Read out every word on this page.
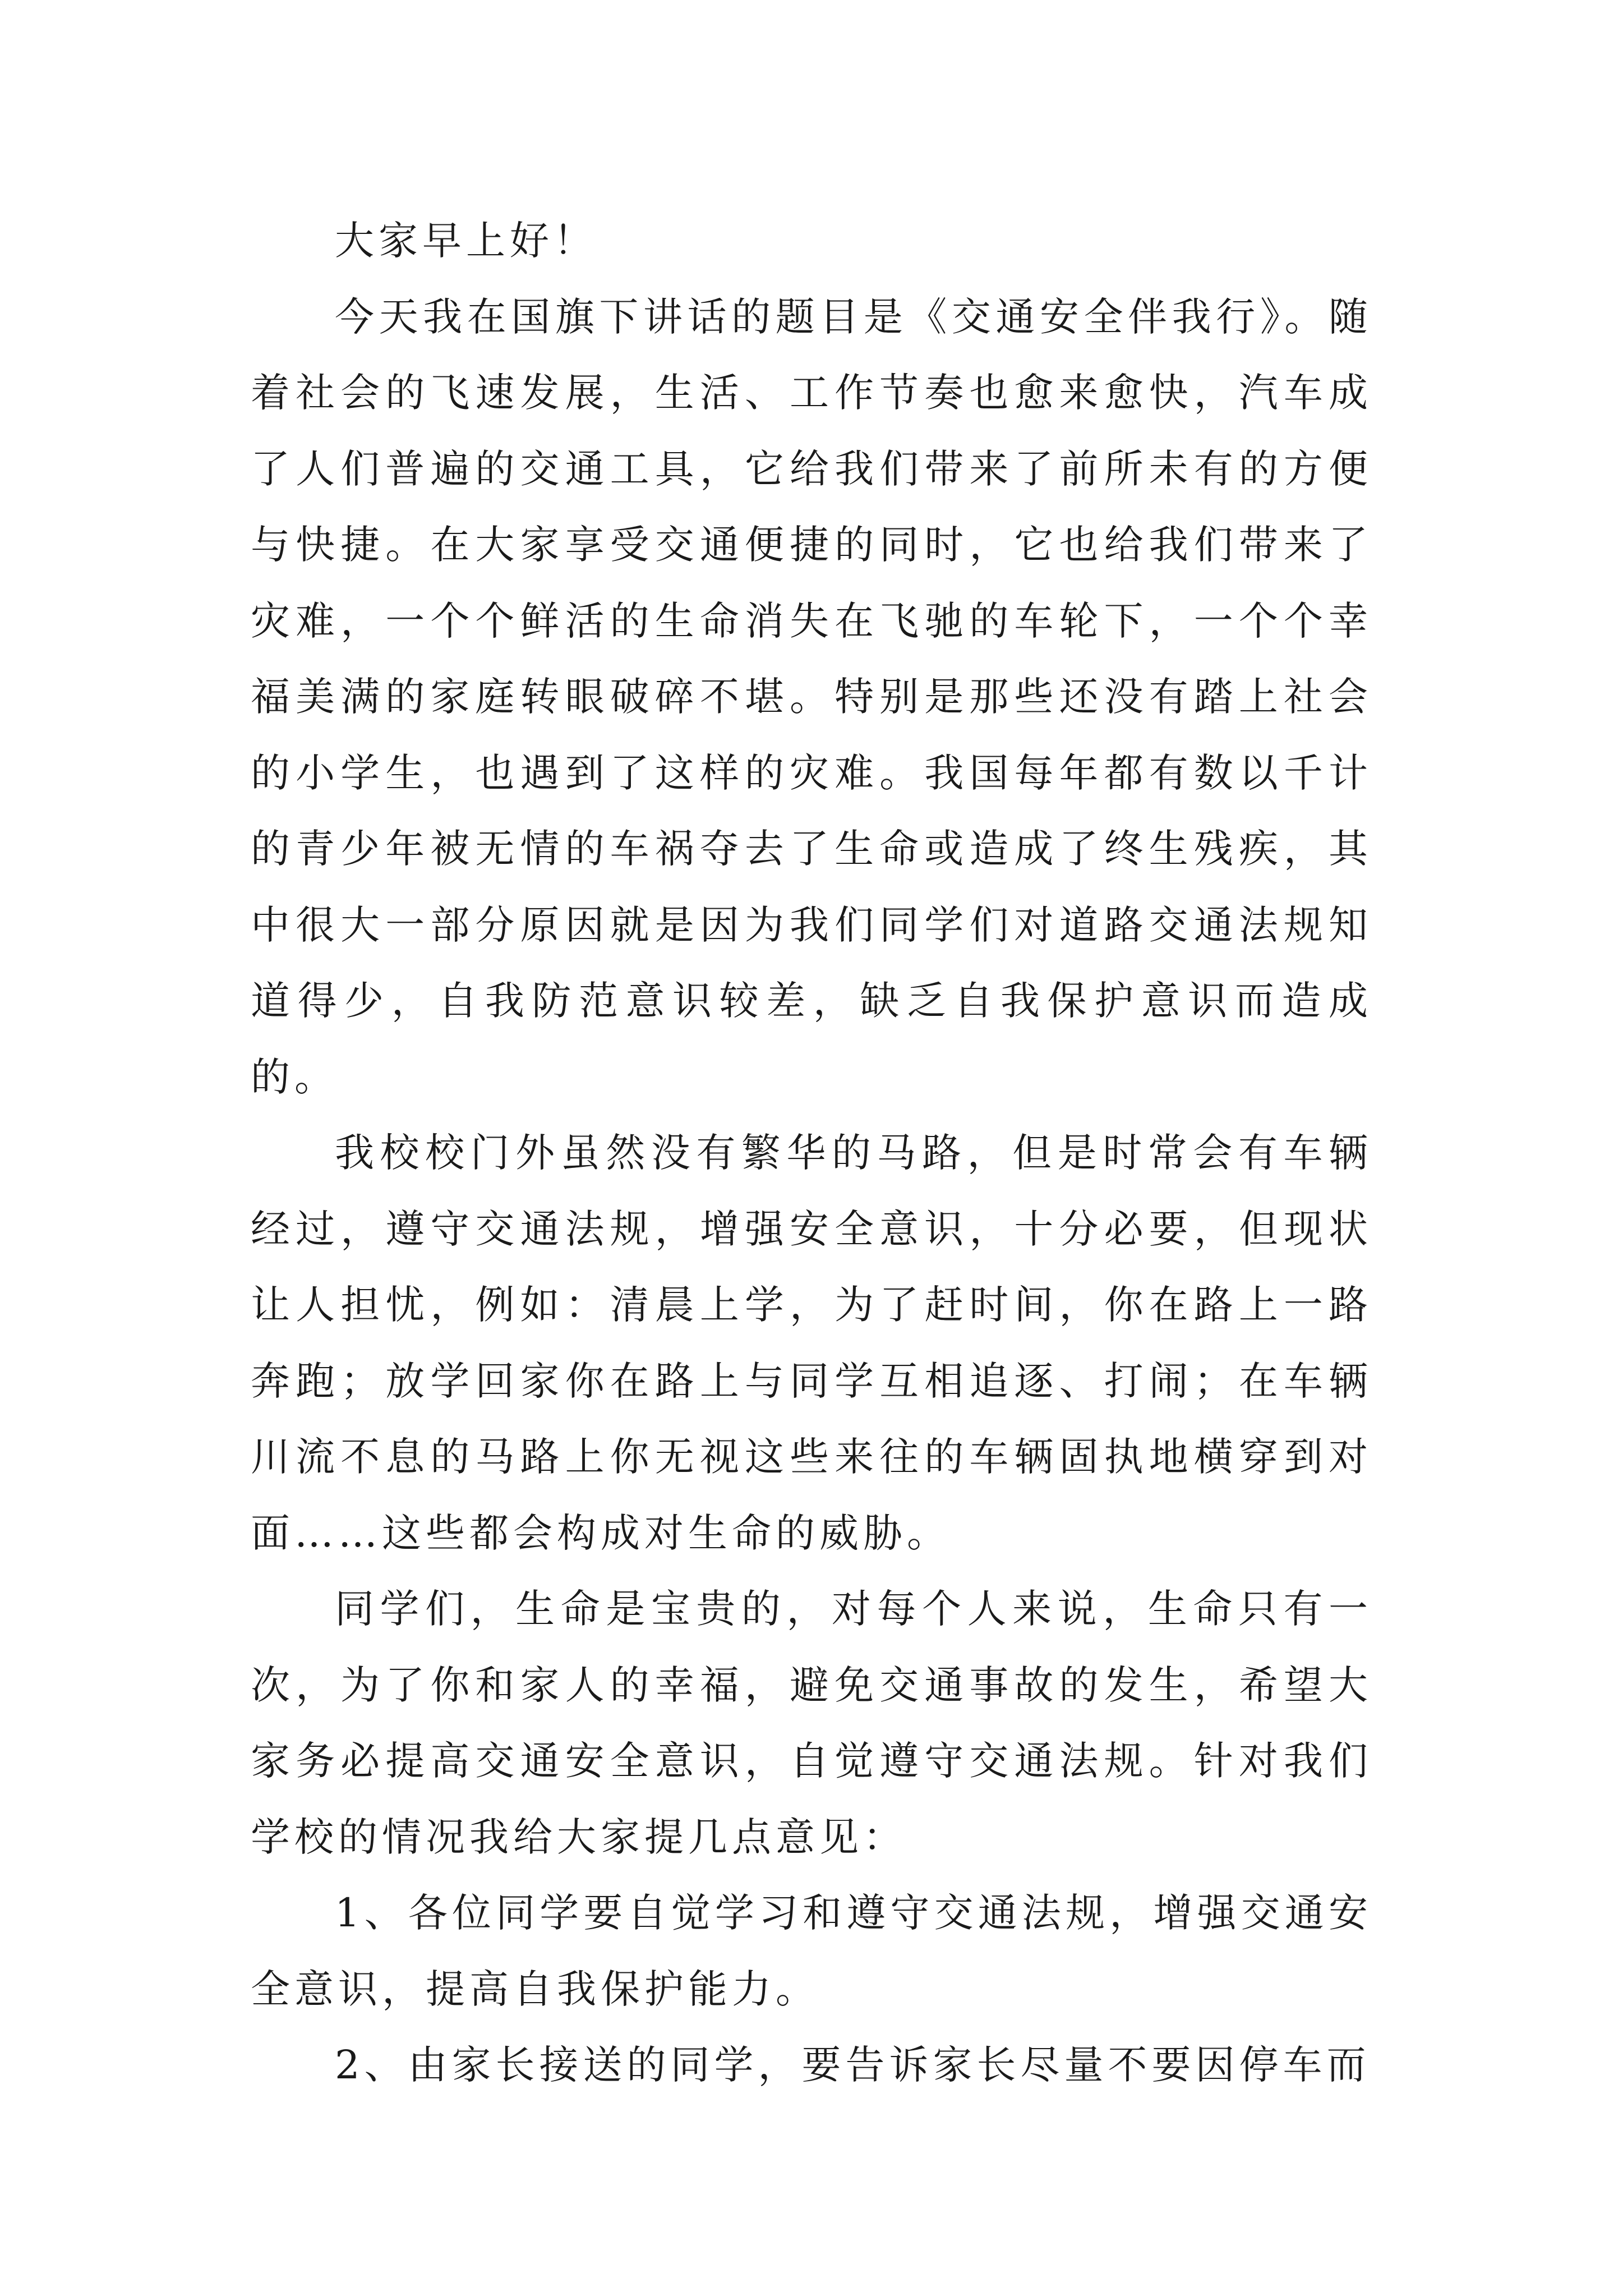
大家早上好！

今天我在国旗下讲话的题目是《交通安全伴我行》。随着社会的飞速发展，生活、工作节奏也愈来愈快，汽车成了人们普遍的交通工具，它给我们带来了前所未有的方便与快捷。在大家享受交通便捷的同时，它也给我们带来了灾难，一个个鲜活的生命消失在飞驰的车轮下，一个个幸福美满的家庭转眼破碎不堪。特别是那些还没有踏上社会的小学生，也遇到了这样的灾难。我国每年都有数以千计的青少年被无情的车祸夺去了生命或造成了终生残疾，其中很大一部分原因就是因为我们同学们对道路交通法规知道得少，自我防范意识较差，缺乏自我保护意识而造成的。

我校校门外虽然没有繁华的马路，但是时常会有车辆经过，遵守交通法规，增强安全意识，十分必要，但现状让人担忧，例如：清晨上学，为了赶时间，你在路上一路奔跑；放学回家你在路上与同学互相追逐、打闹；在车辆川流不息的马路上你无视这些来往的车辆固执地横穿到对面……这些都会构成对生命的威胁。

同学们，生命是宝贵的，对每个人来说，生命只有一次，为了你和家人的幸福，避免交通事故的发生，希望大家务必提高交通安全意识，自觉遵守交通法规。针对我们学校的情况我给大家提几点意见：

1、各位同学要自觉学习和遵守交通法规，增强交通安全意识，提高自我保护能力。

2、由家长接送的同学，要告诉家长尽量不要因停车而
